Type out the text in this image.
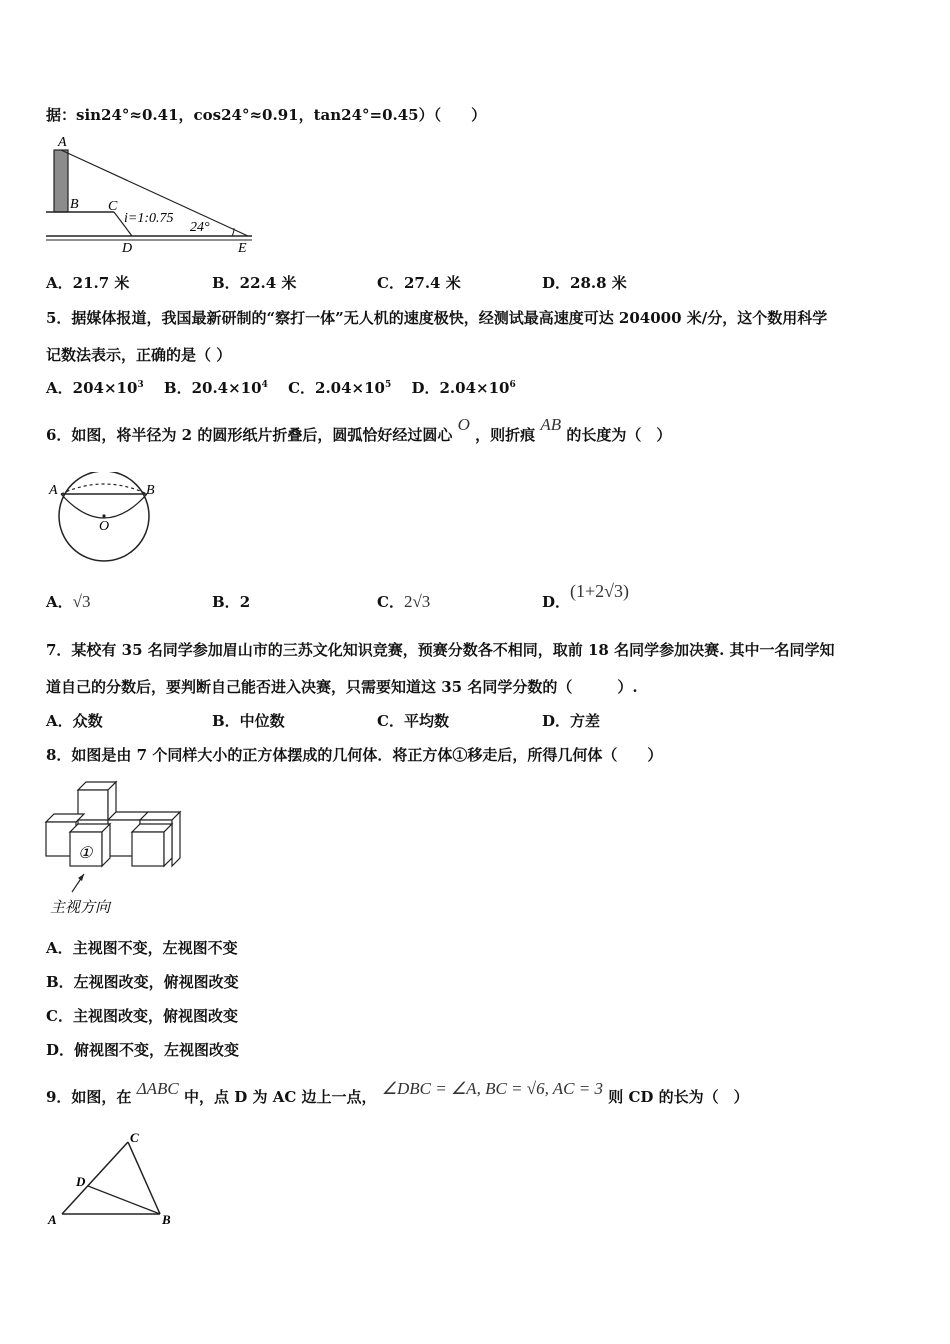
据：sin24°≈0.41，cos24°≈0.91，tan24°=0.45）（　　）
A
B C
D	E
i=1:0.75
24°
A．21.7 米	B．22.4 米	C．27.4 米	D．28.8 米
5．据媒体报道，我国最新研制的“察打一体”无人机的速度极快，经测试最高速度可达 204000 米/分，这个数用科学
记数法表示，正确的是（ ）
A．$204\times 10^3$　 B．$20.4\times 10^4$　 C．$2.04\times 10^5$　 D．$2.04\times 10^6$
6．如图，将半径为 2 的圆形纸片折叠后，圆弧恰好经过圆心 O ，则折痕 AB 的长度为（　）
A	B
O
A．√3	B．2	C．2√3	D．(1+2√3)
7．某校有 35 名同学参加眉山市的三苏文化知识竞赛，预赛分数各不相同，取前 18 名同学参加决赛. 其中一名同学知
道自己的分数后，要判断自己能否进入决赛，只需要知道这 35 名同学分数的（　　　）.
A．众数	B．中位数	C．平均数	D．方差
8．如图是由 7 个同样大小的正方体摆成的几何体．将正方体①移走后，所得几何体（　　）
①
主视方向
A．主视图不变，左视图不变
B．左视图改变，俯视图改变
C．主视图改变，俯视图改变
D．俯视图不变，左视图改变
9．如图，在 ΔABC 中，点 D 为 AC 边上一点， ∠DBC = ∠A, BC = √6, AC = 3 则 CD 的长为（　）
A	B
C
D
